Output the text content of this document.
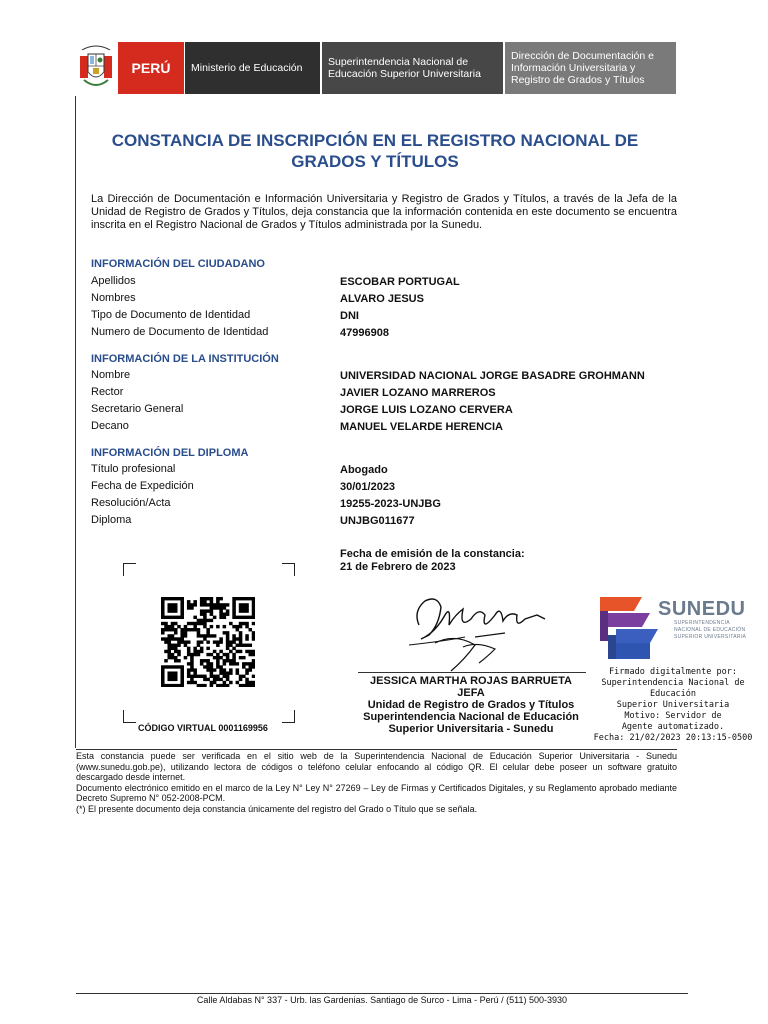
PERÚ Ministerio de Educación Superintendencia Nacional de Educación Superior Universitaria
Dirección de Documentación e Información Universitaria y Registro de Grados y Títulos
CONSTANCIA DE INSCRIPCIÓN EN EL REGISTRO NACIONAL DE GRADOS Y TÍTULOS
La Dirección de Documentación e Información Universitaria y Registro de Grados y Títulos, a través de la Jefa de la Unidad de Registro de Grados y Títulos, deja constancia que la información contenida en este documento se encuentra inscrita en el Registro Nacional de Grados y Títulos administrada por la Sunedu.
INFORMACIÓN DEL CIUDADANO
Apellidos	ESCOBAR PORTUGAL
Nombres	ALVARO JESUS
Tipo de Documento de Identidad	DNI
Numero de Documento de Identidad	47996908
INFORMACIÓN DE LA INSTITUCIÓN
Nombre	UNIVERSIDAD NACIONAL JORGE BASADRE GROHMANN
Rector	JAVIER LOZANO MARREROS
Secretario General	JORGE LUIS LOZANO CERVERA
Decano	MANUEL VELARDE HERENCIA
INFORMACIÓN DEL DIPLOMA
Título profesional	Abogado
Fecha de Expedición	30/01/2023
Resolución/Acta	19255-2023-UNJBG
Diploma	UNJBG011677
Fecha de emisión de la constancia:
21 de Febrero de 2023
CÓDIGO VIRTUAL 0001169956
JESSICA MARTHA ROJAS BARRUETA
JEFA
Unidad de Registro de Grados y Títulos
Superintendencia Nacional de Educación
Superior Universitaria - Sunedu
SUNEDU
SUPERINTENDENCIA
NACIONAL DE EDUCACIÓN
SUPERIOR UNIVERSITARIA
Firmado digitalmente por:
Superintendencia Nacional de Educación
Superior Universitaria
Motivo: Servidor de
Agente automatizado.
Fecha: 21/02/2023 20:13:15-0500
Esta constancia puede ser verificada en el sitio web de la Superintendencia Nacional de Educación Superior Universitaria - Sunedu (www.sunedu.gob.pe), utilizando lectora de códigos o teléfono celular enfocando al código QR. El celular debe poseer un software gratuito descargado desde internet.
Documento electrónico emitido en el marco de la Ley N° Ley N° 27269 – Ley de Firmas y Certificados Digitales, y su Reglamento aprobado mediante Decreto Supremo N° 052-2008-PCM.
(*) El presente documento deja constancia únicamente del registro del Grado o Título que se señala.
Calle Aldabas N° 337 - Urb. las Gardenias. Santiago de Surco - Lima - Perú / (511) 500-3930
